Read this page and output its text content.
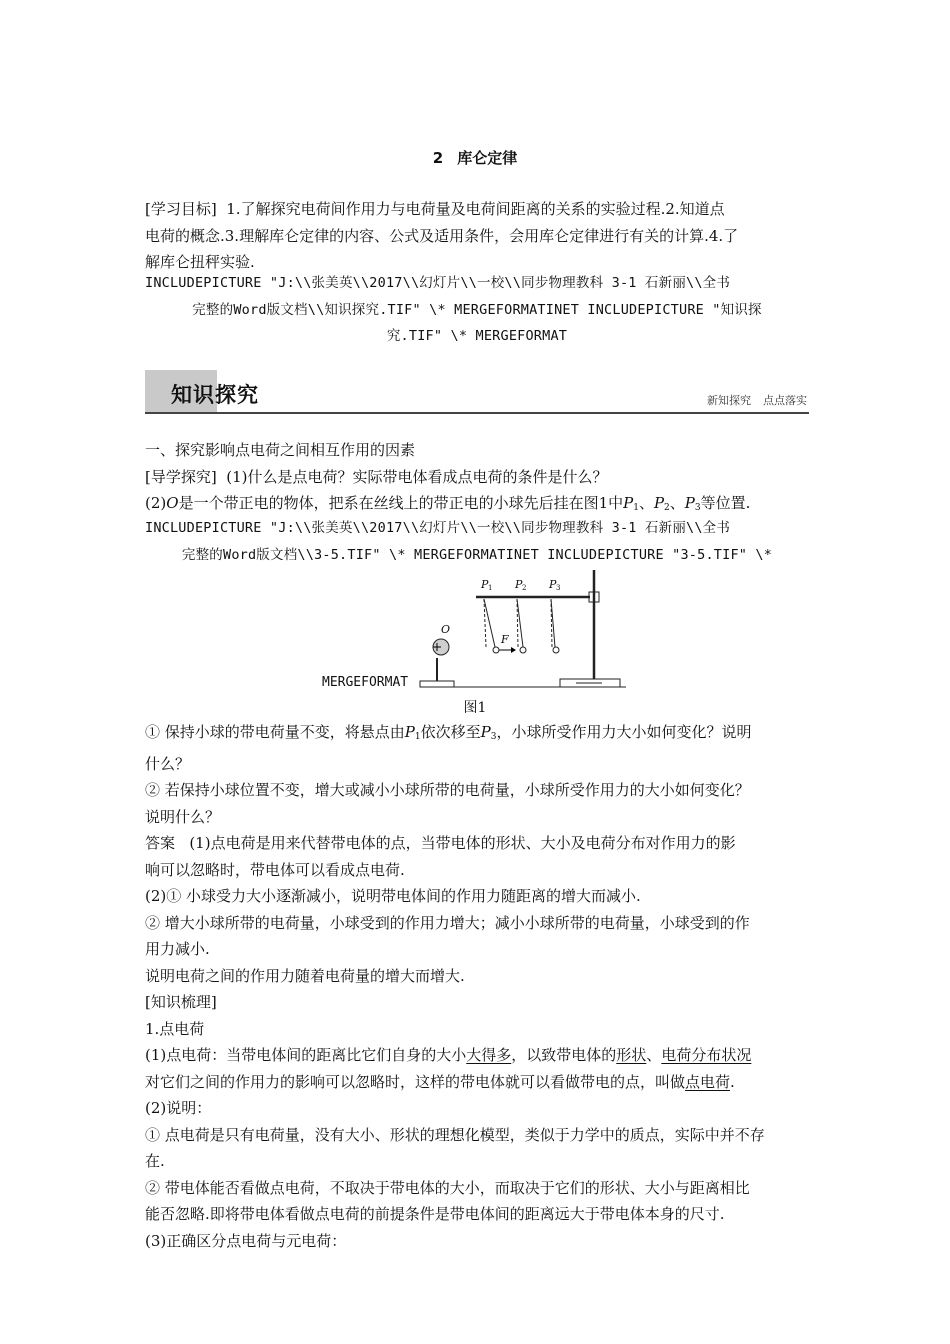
2 库仑定律
[学习目标] 1.了解探究电荷间作用力与电荷量及电荷间距离的关系的实验过程.2.知道点
电荷的概念.3.理解库仑定律的内容、公式及适用条件，会用库仑定律进行有关的计算.4.了
解库仑扭秤实验.
INCLUDEPICTURE "J:\\张美英\\2017\\幻灯片\\一校\\同步物理教科 3-1 石新丽\\全书
完整的Word版文档\\知识探究.TIF" \* MERGEFORMATINET INCLUDEPICTURE "知识探
究.TIF" \* MERGEFORMAT
知识探究	新知探究 点点落实
一、探究影响点电荷之间相互作用的因素
[导学探究] (1)什么是点电荷？实际带电体看成点电荷的条件是什么？
(2)O是一个带正电的物体，把系在丝线上的带正电的小球先后挂在图1中$P_1$、$P_2$、$P_3$等位置.
INCLUDEPICTURE "J:\\张美英\\2017\\幻灯片\\一校\\同步物理教科 3-1 石新丽\\全书
完整的Word版文档\\3-5.TIF" \* MERGEFORMATINET INCLUDEPICTURE "3-5.TIF" \*
O
P P P
F
1	2	3
MERGEFORMAT
图1
① 保持小球的带电荷量不变，将悬点由$P_1$依次移至$P_3$，小球所受作用力大小如何变化？说明
什么？
② 若保持小球位置不变，增大或减小小球所带的电荷量，小球所受作用力的大小如何变化？
说明什么？
答案 (1)点电荷是用来代替带电体的点，当带电体的形状、大小及电荷分布对作用力的影
响可以忽略时，带电体可以看成点电荷.
(2)① 小球受力大小逐渐减小，说明带电体间的作用力随距离的增大而减小.
② 增大小球所带的电荷量，小球受到的作用力增大；减小小球所带的电荷量，小球受到的作
用力减小.
说明电荷之间的作用力随着电荷量的增大而增大.
[知识梳理]
1.点电荷
(1)点电荷：当带电体间的距离比它们自身的大小大得多，以致带电体的形状、电荷分布状况
对它们之间的作用力的影响可以忽略时，这样的带电体就可以看做带电的点，叫做点电荷.
(2)说明：
① 点电荷是只有电荷量，没有大小、形状的理想化模型，类似于力学中的质点，实际中并不存
在.
② 带电体能否看做点电荷，不取决于带电体的大小，而取决于它们的形状、大小与距离相比
能否忽略.即将带电体看做点电荷的前提条件是带电体间的距离远大于带电体本身的尺寸.
(3)正确区分点电荷与元电荷：
